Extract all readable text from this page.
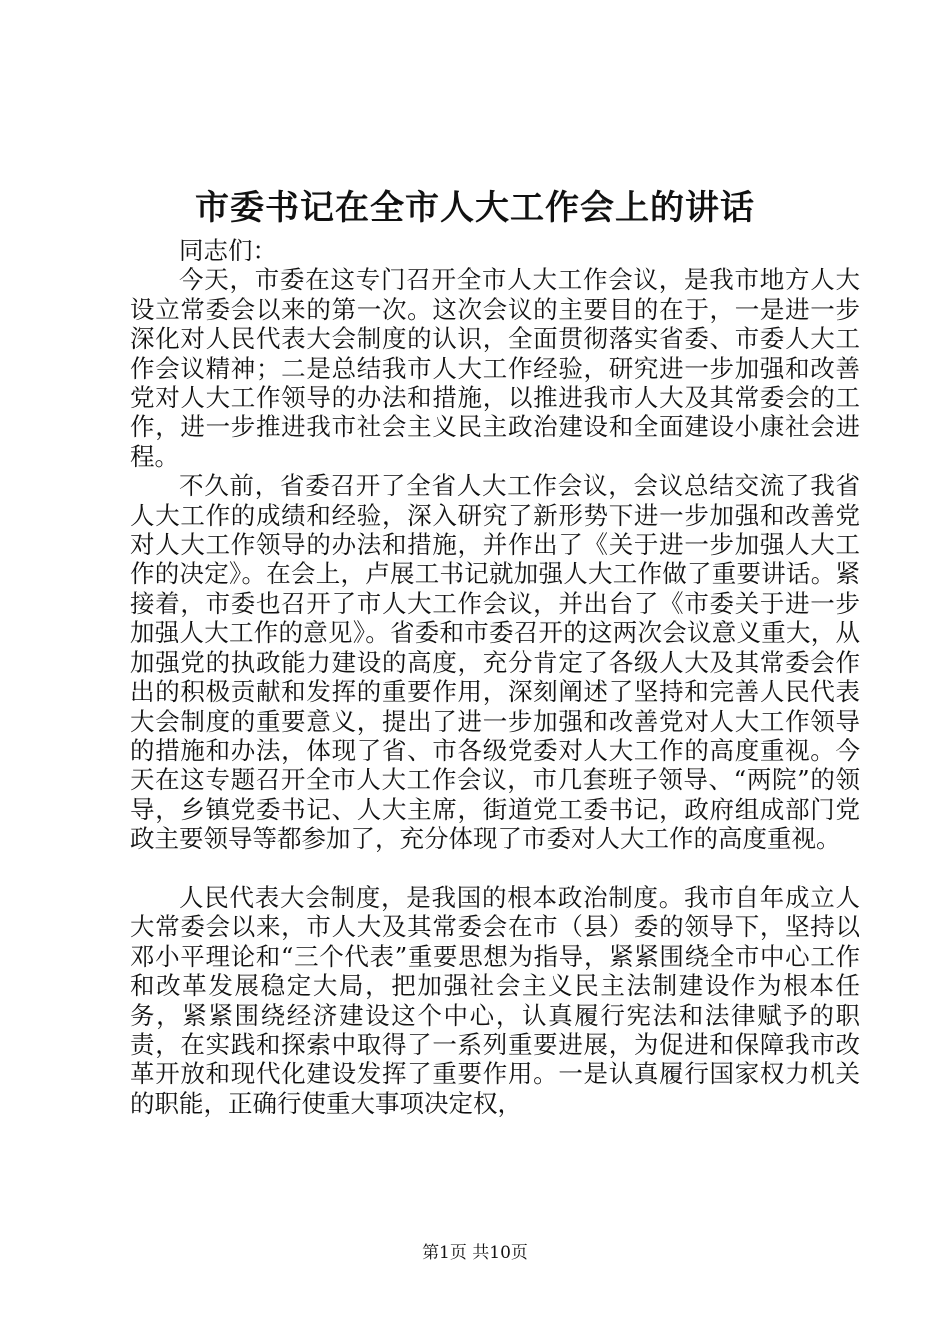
市委书记在全市人大工作会上的讲话

同志们：

今天，市委在这专门召开全市人大工作会议，是我市地方人大设立常委会以来的第一次。这次会议的主要目的在于，一是进一步深化对人民代表大会制度的认识，全面贯彻落实省委、市委人大工作会议精神；二是总结我市人大工作经验，研究进一步加强和改善党对人大工作领导的办法和措施，以推进我市人大及其常委会的工作，进一步推进我市社会主义民主政治建设和全面建设小康社会进程。

不久前，省委召开了全省人大工作会议，会议总结交流了我省人大工作的成绩和经验，深入研究了新形势下进一步加强和改善党对人大工作领导的办法和措施，并作出了《关于进一步加强人大工作的决定》。在会上，卢展工书记就加强人大工作做了重要讲话。紧接着，市委也召开了市人大工作会议，并出台了《市委关于进一步加强人大工作的意见》。省委和市委召开的这两次会议意义重大，从加强党的执政能力建设的高度，充分肯定了各级人大及其常委会作出的积极贡献和发挥的重要作用，深刻阐述了坚持和完善人民代表大会制度的重要意义，提出了进一步加强和改善党对人大工作领导的措施和办法，体现了省、市各级党委对人大工作的高度重视。今天在这专题召开全市人大工作会议，市几套班子领导、“两院”的领导，乡镇党委书记、人大主席，街道党工委书记，政府组成部门党政主要领导等都参加了，充分体现了市委对人大工作的高度重视。

人民代表大会制度，是我国的根本政治制度。我市自年成立人大常委会以来，市人大及其常委会在市（县）委的领导下，坚持以邓小平理论和“三个代表”重要思想为指导，紧紧围绕全市中心工作和改革发展稳定大局，把加强社会主义民主法制建设作为根本任务，紧紧围绕经济建设这个中心，认真履行宪法和法律赋予的职责，在实践和探索中取得了一系列重要进展，为促进和保障我市改革开放和现代化建设发挥了重要作用。一是认真履行国家权力机关的职能，正确行使重大事项决定权，

第1页 共10页
